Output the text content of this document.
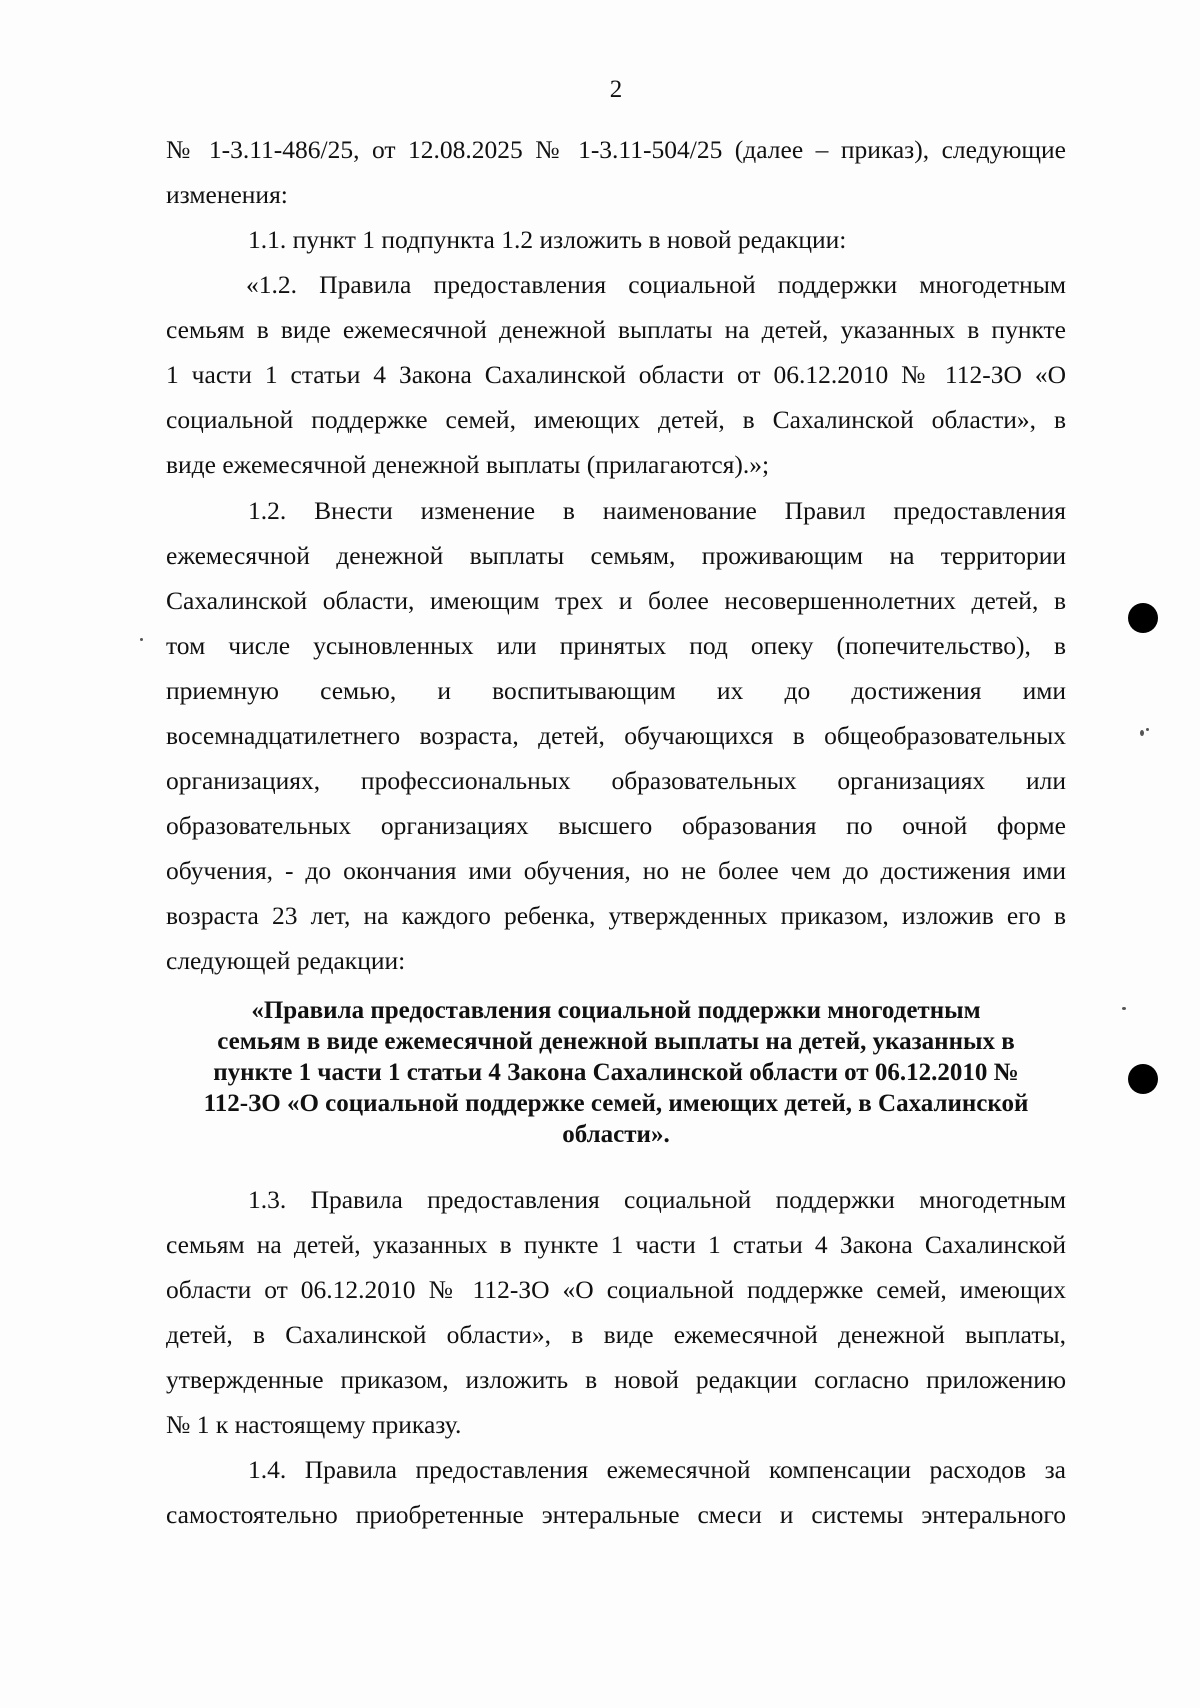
2
№ 1-3.11-486/25, от 12.08.2025 № 1-3.11-504/25 (далее – приказ), следующие
изменения:
1.1. пункт 1 подпункта 1.2 изложить в новой редакции:
«1.2. Правила предоставления социальной поддержки многодетным
семьям в виде ежемесячной денежной выплаты на детей, указанных в пункте
1 части 1 статьи 4 Закона Сахалинской области от 06.12.2010 № 112-ЗО «О
социальной поддержке семей, имеющих детей, в Сахалинской области», в
виде ежемесячной денежной выплаты (прилагаются).»;
1.2. Внести изменение в наименование Правил предоставления
ежемесячной денежной выплаты семьям, проживающим на территории
Сахалинской области, имеющим трех и более несовершеннолетних детей, в
том числе усыновленных или принятых под опеку (попечительство), в
приемную семью, и воспитывающим их до достижения ими
восемнадцатилетнего возраста, детей, обучающихся в общеобразовательных
организациях, профессиональных образовательных организациях или
образовательных организациях высшего образования по очной форме
обучения, - до окончания ими обучения, но не более чем до достижения ими
возраста 23 лет, на каждого ребенка, утвержденных приказом, изложив его в
следующей редакции:
«Правила предоставления социальной поддержки многодетным
семьям в виде ежемесячной денежной выплаты на детей, указанных в
пункте 1 части 1 статьи 4 Закона Сахалинской области от 06.12.2010 №
112-ЗО «О социальной поддержке семей, имеющих детей, в Сахалинской
области».
1.3. Правила предоставления социальной поддержки многодетным
семьям на детей, указанных в пункте 1 части 1 статьи 4 Закона Сахалинской
области от 06.12.2010 № 112-ЗО «О социальной поддержке семей, имеющих
детей, в Сахалинской области», в виде ежемесячной денежной выплаты,
утвержденные приказом, изложить в новой редакции согласно приложению
№ 1 к настоящему приказу.
1.4. Правила предоставления ежемесячной компенсации расходов за
самостоятельно приобретенные энтеральные смеси и системы энтерального
